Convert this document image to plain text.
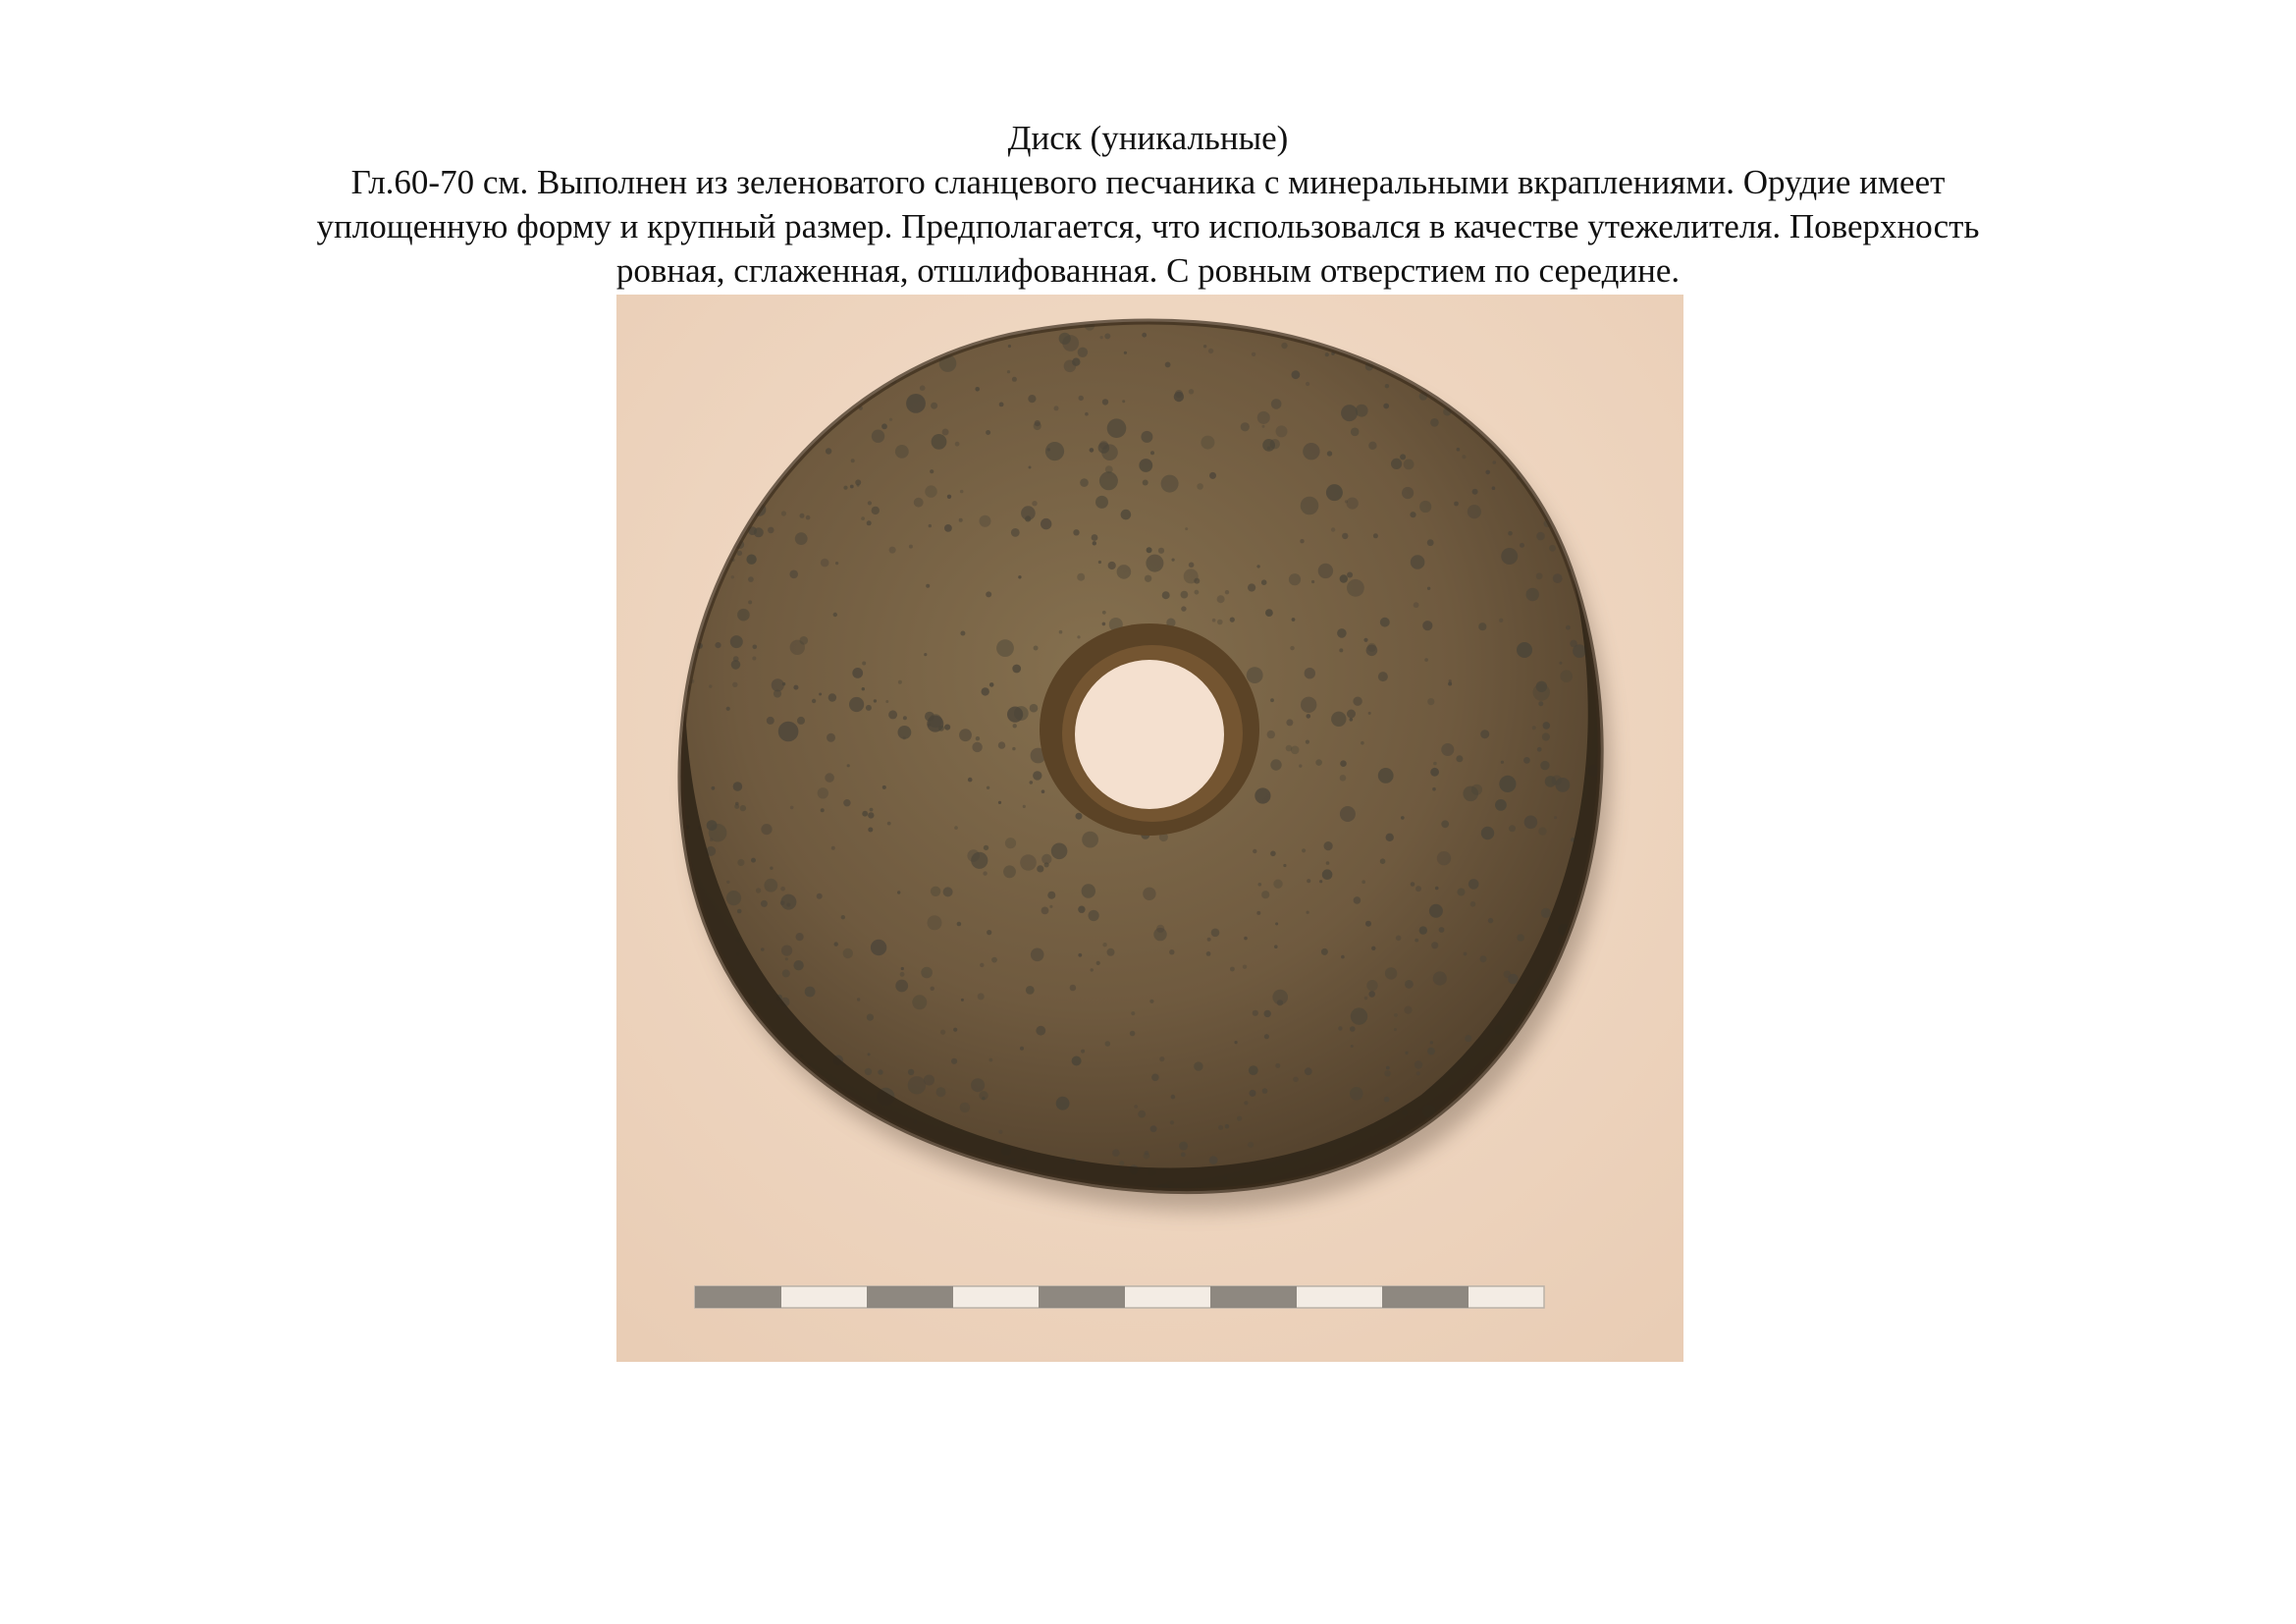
Диск (уникальные)
Гл.60-70 см. Выполнен из зеленоватого сланцевого песчаника с минеральными вкраплениями. Орудие имеет
уплощенную форму и крупный размер. Предполагается, что использовался в качестве утежелителя. Поверхность
ровная, сглаженная, отшлифованная. С ровным отверстием по середине.
